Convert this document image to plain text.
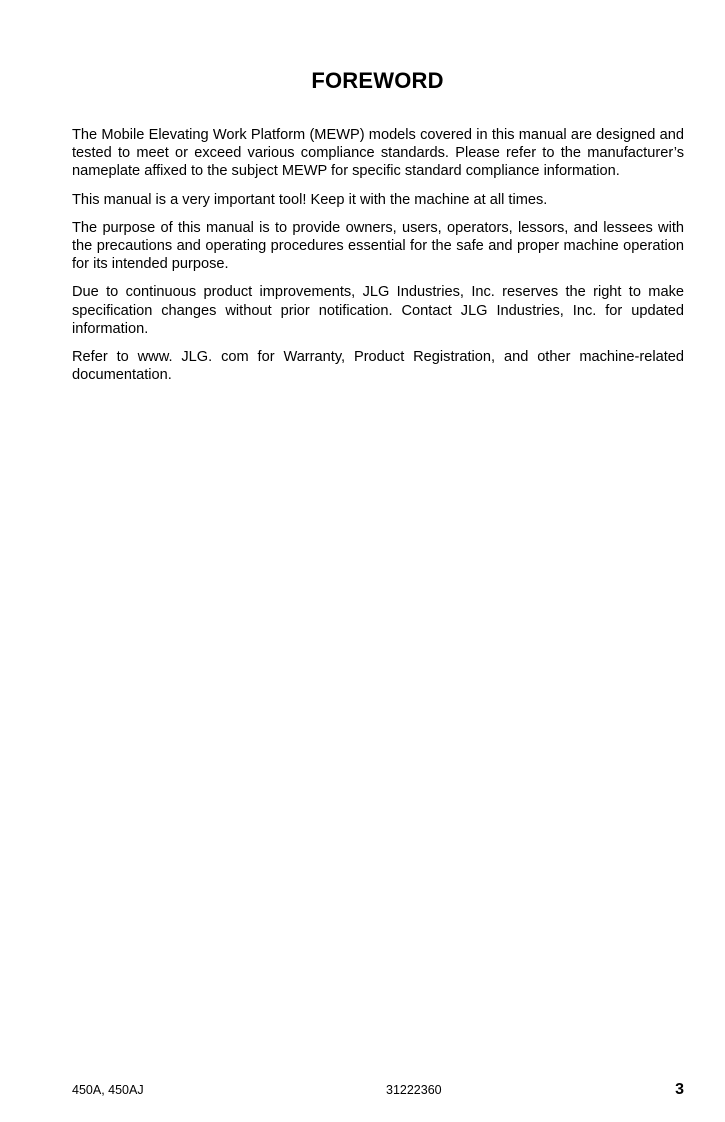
FOREWORD

The Mobile Elevating Work Platform (MEWP) models covered in this manual are designed and tested to meet or exceed various compliance standards. Please refer to the manufacturer’s nameplate affixed to the subject MEWP for specific standard compliance information.

This manual is a very important tool! Keep it with the machine at all times.

The purpose of this manual is to provide owners, users, operators, lessors, and lessees with the precautions and operating procedures essential for the safe and proper machine operation for its intended purpose.

Due to continuous product improvements, JLG Industries, Inc. reserves the right to make specification changes without prior notification. Contact JLG Industries, Inc. for updated information.

Refer to www. JLG. com for Warranty, Product Registration, and other machine-related documentation.

450A, 450AJ	31222360	3
